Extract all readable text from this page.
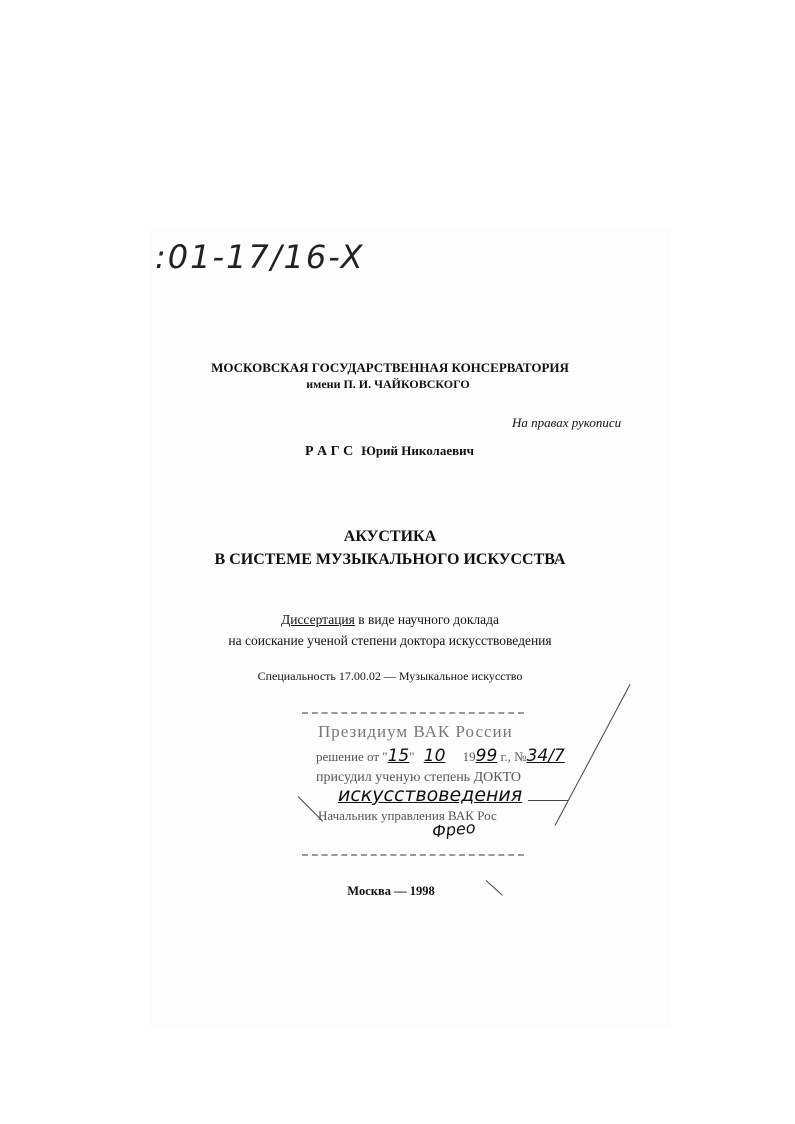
:01-17/16-X
МОСКОВСКАЯ ГОСУДАРСТВЕННАЯ КОНСЕРВАТОРИЯ
имени П. И. ЧАЙКОВСКОГО
На правах рукописи
Р А Г С Юрий Николаевич
АКУСТИКА
В СИСТЕМЕ МУЗЫКАЛЬНОГО ИСКУССТВА
Диссертация в виде научного доклада
на соискание ученой степени доктора искусствоведения
Специальность 17.00.02 — Музыкальное искусство
Президиум ВАК России
решение от "15" 10 1999 г., №34/7
присудил ученую степень ДОКТО
искусствоведения
Начальник управления ВАК Рос
Фрео
Москва — 1998
